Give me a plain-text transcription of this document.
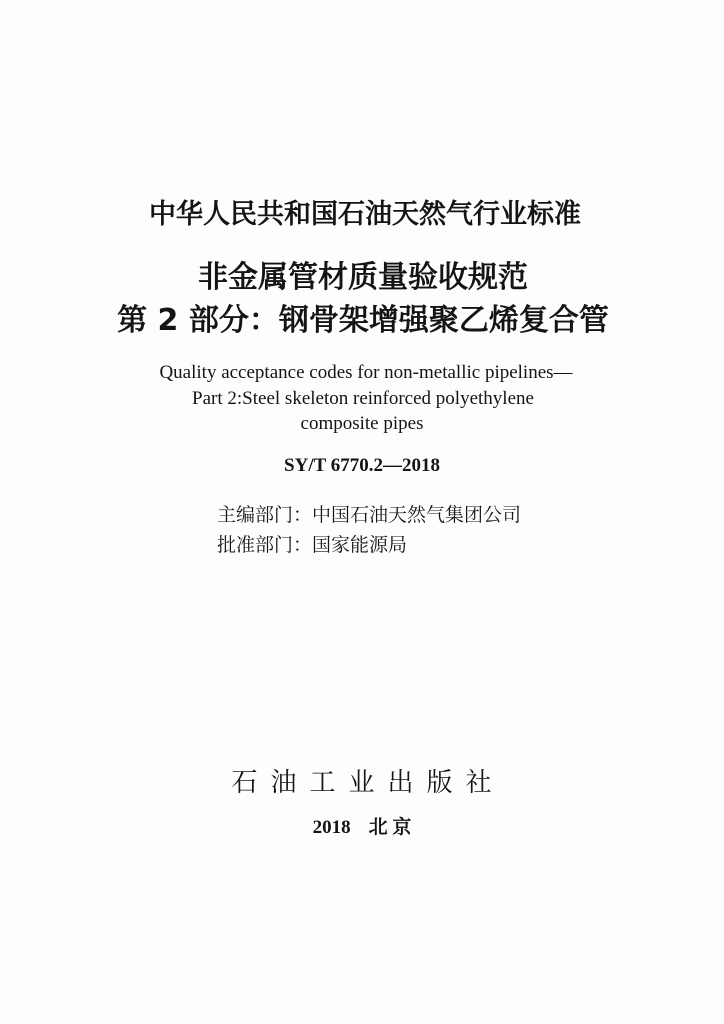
中华人民共和国石油天然气行业标准
非金属管材质量验收规范
第 2 部分：钢骨架增强聚乙烯复合管
Quality acceptance codes for non-metallic pipelines—
Part 2:Steel skeleton reinforced polyethylene
composite pipes
SY/T 6770.2—2018
主编部门：中国石油天然气集团公司
批准部门：国家能源局
石油工业出版社
2018 北 京
